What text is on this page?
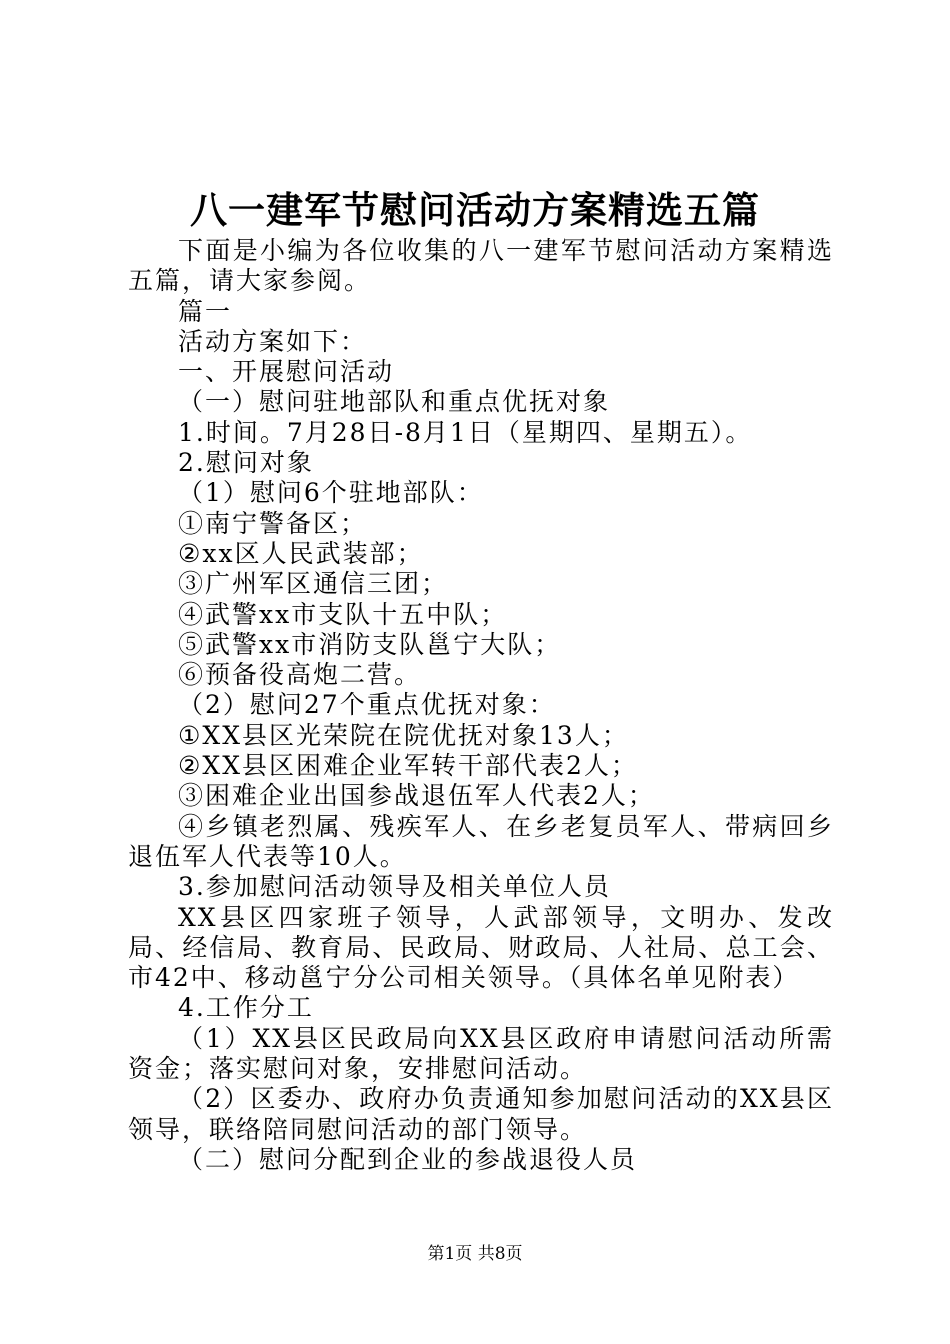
八一建军节慰问活动方案精选五篇

下面是小编为各位收集的八一建军节慰问活动方案精选五篇，请大家参阅。

篇一

活动方案如下：

一、开展慰问活动

（一）慰问驻地部队和重点优抚对象

1.时间。7月28日-8月1日（星期四、星期五）。

2.慰问对象

（1）慰问6个驻地部队：

①南宁警备区；

②xx区人民武装部；

③广州军区通信三团；

④武警xx市支队十五中队；

⑤武警xx市消防支队邕宁大队；

⑥预备役高炮二营。

（2）慰问27个重点优抚对象：

①XX县区光荣院在院优抚对象13人；

②XX县区困难企业军转干部代表2人；

③困难企业出国参战退伍军人代表2人；

④乡镇老烈属、残疾军人、在乡老复员军人、带病回乡退伍军人代表等10人。

3.参加慰问活动领导及相关单位人员

XX县区四家班子领导，人武部领导，文明办、发改局、经信局、教育局、民政局、财政局、人社局、总工会、市42中、移动邕宁分公司相关领导。（具体名单见附表）

4.工作分工

（1）XX县区民政局向XX县区政府申请慰问活动所需资金；落实慰问对象，安排慰问活动。

（2）区委办、政府办负责通知参加慰问活动的XX县区领导，联络陪同慰问活动的部门领导。

（二）慰问分配到企业的参战退役人员

第1页 共8页
